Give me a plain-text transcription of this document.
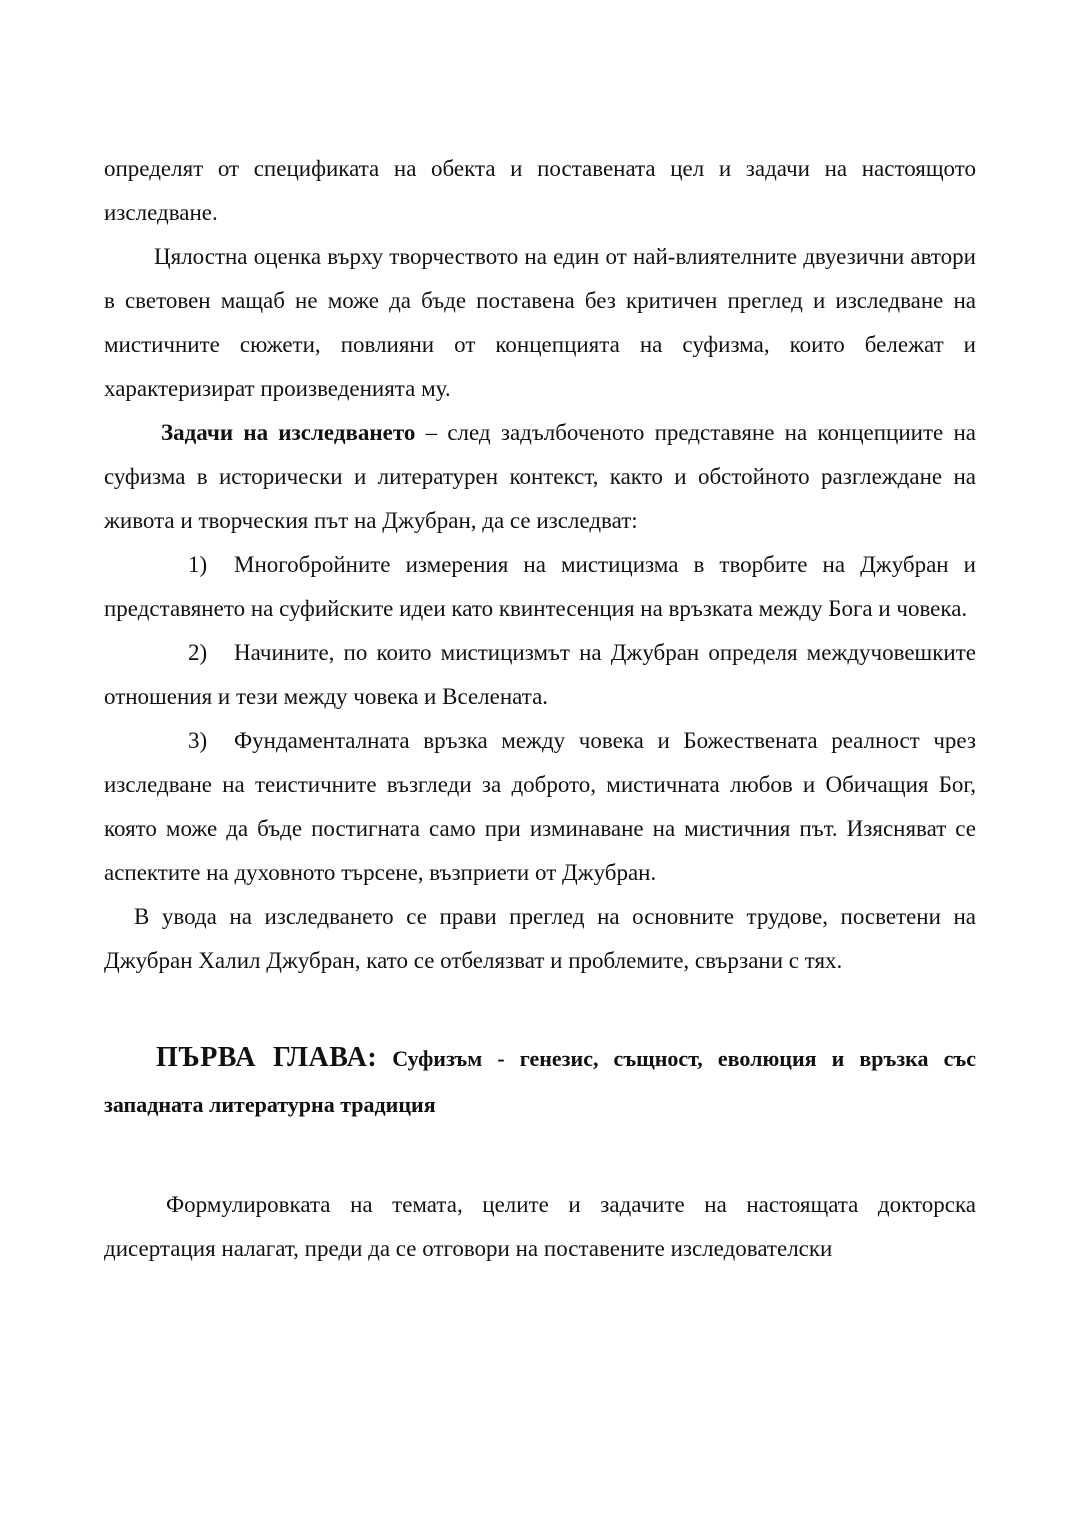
определят от спецификата на обекта и поставената цел и задачи на настоящото изследване.

Цялостна оценка върху творчеството на един от най-влиятелните двуезични автори в световен мащаб не може да бъде поставена без критичен преглед и изследване на мистичните сюжети, повлияни от концепцията на суфизма, които бележат и характеризират произведенията му.

Задачи на изследването – след задълбоченото представяне на концепциите на суфизма в исторически и литературен контекст, както и обстойното разглеждане на живота и творческия път на Джубран, да се изследват:

1) Многобройните измерения на мистицизма в творбите на Джубран и представянето на суфийските идеи като квинтесенция на връзката между Бога и човека.

2) Начините, по които мистицизмът на Джубран определя междучовешките отношения и тези между човека и Вселената.

3) Фундаменталната връзка между човека и Божествената реалност чрез изследване на теистичните възгледи за доброто, мистичната любов и Обичащия Бог, която може да бъде постигната само при изминаване на мистичния път. Изясняват се аспектите на духовното търсене, възприети от Джубран.

В увода на изследването се прави преглед на основните трудове, посветени на Джубран Халил Джубран, като се отбелязват и проблемите, свързани с тях.

ПЪРВА ГЛАВА: Суфизъм - генезис, същност, еволюция и връзка със западната литературна традиция

Формулировката на темата, целите и задачите на настоящата докторска дисертация налагат, преди да се отговори на поставените изследователски
